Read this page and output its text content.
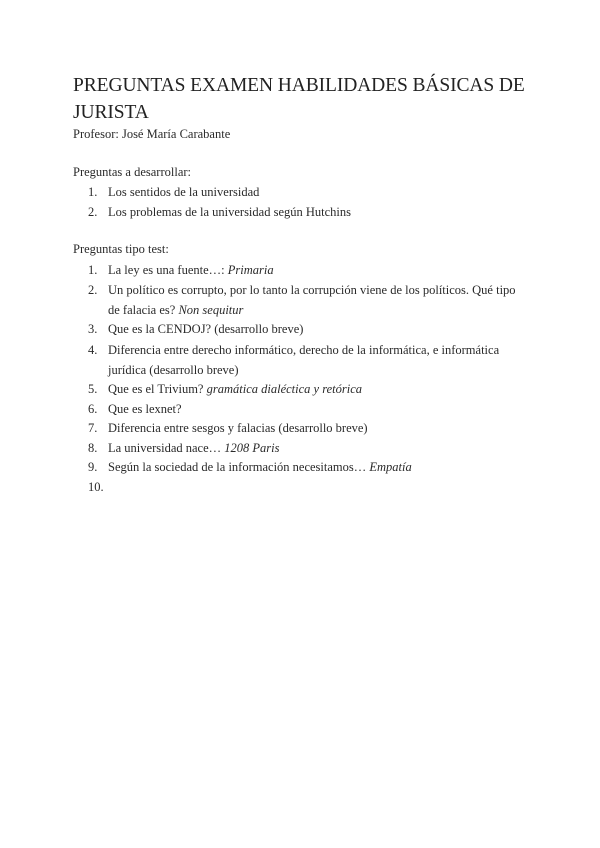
PREGUNTAS EXAMEN HABILIDADES BÁSICAS DE
JURISTA

Profesor: José María Carabante

Preguntas a desarrollar:

1. Los sentidos de la universidad
2. Los problemas de la universidad según Hutchins

Preguntas tipo test:

1. La ley es una fuente…: Primaria
2. Un político es corrupto, por lo tanto la corrupción viene de los políticos. Qué tipo
de falacia es? Non sequitur
3. Que es la CENDOJ? (desarrollo breve)
4. Diferencia entre derecho informático, derecho de la informática, e informática
jurídica (desarrollo breve)
5. Que es el Trivium? gramática dialéctica y retórica
6. Que es lexnet?
7. Diferencia entre sesgos y falacias (desarrollo breve)
8. La universidad nace… 1208 Paris
9. Según la sociedad de la información necesitamos… Empatía
10.
